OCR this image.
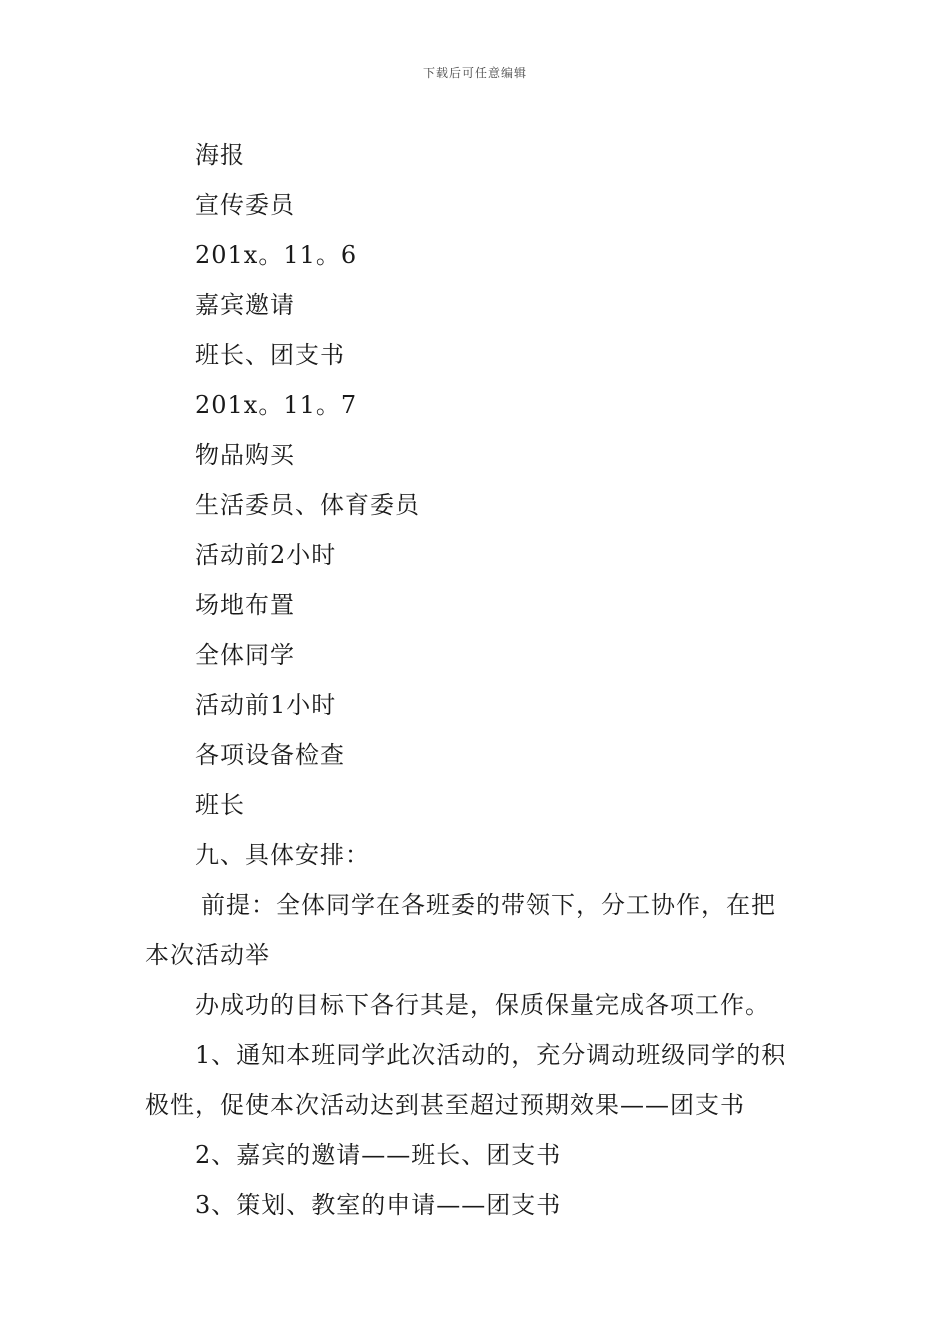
下载后可任意编辑
海报
宣传委员
201x。11。6
嘉宾邀请
班长、团支书
201x。11。7
物品购买
生活委员、体育委员
活动前2小时
场地布置
全体同学
活动前1小时
各项设备检查
班长
九、具体安排：
前提：全体同学在各班委的带领下，分工协作，在把
本次活动举
办成功的目标下各行其是，保质保量完成各项工作。
1、通知本班同学此次活动的，充分调动班级同学的积
极性，促使本次活动达到甚至超过预期效果——团支书
2、嘉宾的邀请——班长、团支书
3、策划、教室的申请——团支书
